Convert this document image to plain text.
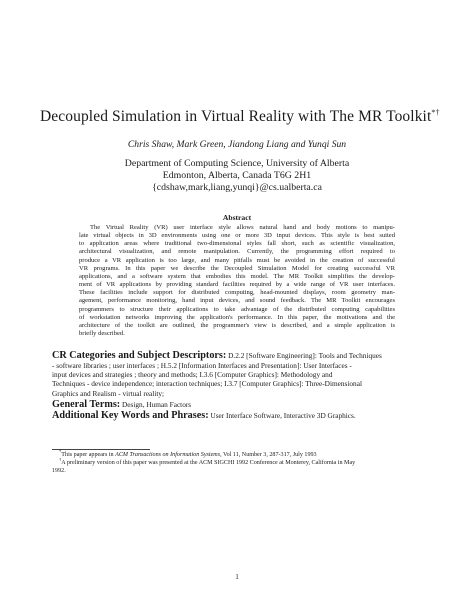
Decoupled Simulation in Virtual Reality with The MR Toolkit*†
Chris Shaw, Mark Green, Jiandong Liang and Yunqi Sun
Department of Computing Science, University of Alberta
Edmonton, Alberta, Canada T6G 2H1
{cdshaw,mark,liang,yunqi}@cs.ualberta.ca
Abstract
The Virtual Reality (VR) user interface style allows natural hand and body motions to manipu-
late virtual objects in 3D environments using one or more 3D input devices. This style is best suited
to application areas where traditional two-dimensional styles fall short, such as scientific visualization,
architectural visualization, and remote manipulation. Currently, the programming effort required to
produce a VR application is too large, and many pitfalls must be avoided in the creation of successful
VR programs. In this paper we describe the Decoupled Simulation Model for creating successful VR
applications, and a software system that embodies this model. The MR Toolkit simplifies the develop-
ment of VR applications by providing standard facilities required by a wide range of VR user interfaces.
These facilities include support for distributed computing, head-mounted displays, room geometry man-
agement, performance monitoring, hand input devices, and sound feedback. The MR Toolkit encourages
programmers to structure their applications to take advantage of the distributed computing capabilities
of workstation networks improving the application's performance. In this paper, the motivations and the
architecture of the toolkit are outlined, the programmer's view is described, and a simple application is
briefly described.
CR Categories and Subject Descriptors: D.2.2 [Software Engineering]: Tools and Techniques
- software libraries ; user interfaces ; H.5.2 [Information Interfaces and Presentation]: User Interfaces -
input devices and strategies ; theory and methods; I.3.6 [Computer Graphics]: Methodology and
Techniques - device independence; interaction techniques; I.3.7 [Computer Graphics]: Three-Dimensional
Graphics and Realism - virtual reality;
General Terms: Design, Human Factors
Additional Key Words and Phrases: User Interface Software, Interactive 3D Graphics.
*This paper appears in ACM Transactions on Information Systems, Vol 11, Number 3, 287-317, July 1993
†A preliminary version of this paper was presented at the ACM SIGCHI 1992 Conference at Monterey, California in May
1992.
1
